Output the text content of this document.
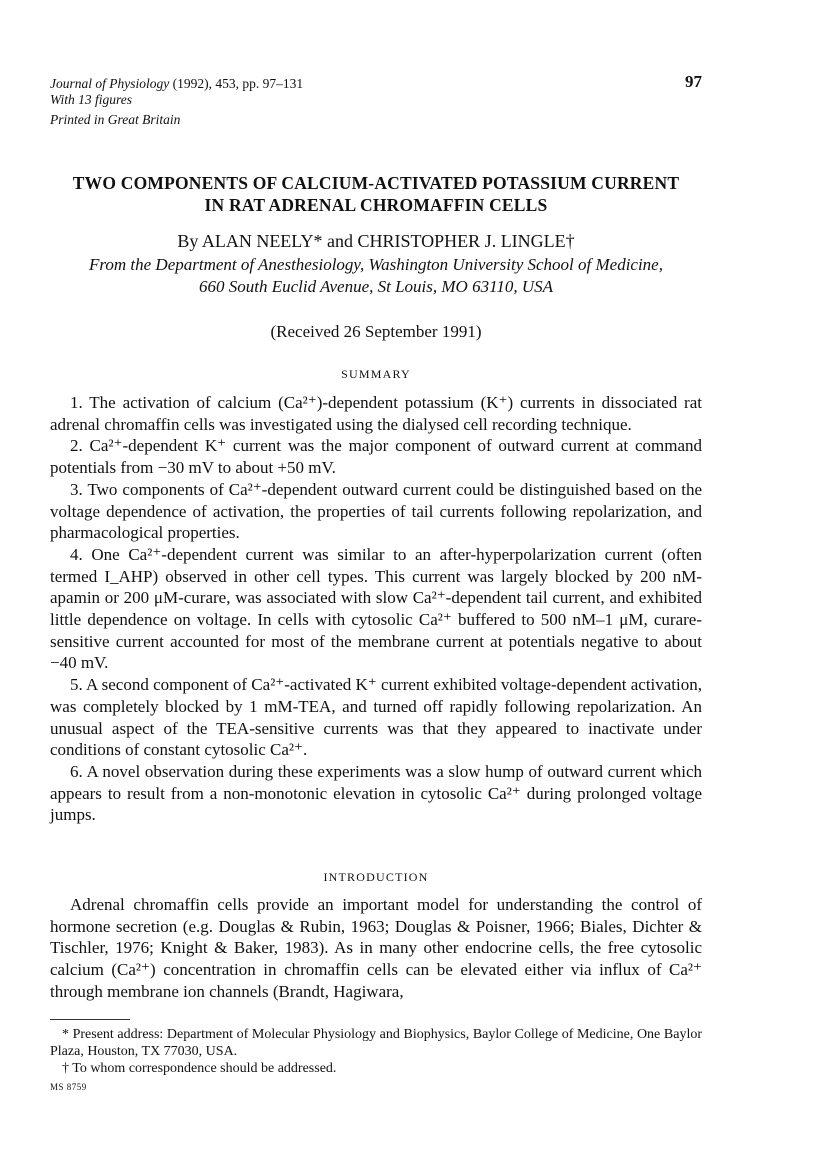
Journal of Physiology (1992), 453, pp. 97–131
With 13 figures
Printed in Great Britain
97
TWO COMPONENTS OF CALCIUM-ACTIVATED POTASSIUM CURRENT
IN RAT ADRENAL CHROMAFFIN CELLS
By ALAN NEELY* and CHRISTOPHER J. LINGLE†
From the Department of Anesthesiology, Washington University School of Medicine,
660 South Euclid Avenue, St Louis, MO 63110, USA
(Received 26 September 1991)
SUMMARY

1. The activation of calcium (Ca²⁺)-dependent potassium (K⁺) currents in dissociated rat adrenal chromaffin cells was investigated using the dialysed cell recording technique.

2. Ca²⁺-dependent K⁺ current was the major component of outward current at command potentials from −30 mV to about +50 mV.

3. Two components of Ca²⁺-dependent outward current could be distinguished based on the voltage dependence of activation, the properties of tail currents following repolarization, and pharmacological properties.

4. One Ca²⁺-dependent current was similar to an after-hyperpolarization current (often termed I_AHP) observed in other cell types. This current was largely blocked by 200 nM-apamin or 200 μM-curare, was associated with slow Ca²⁺-dependent tail current, and exhibited little dependence on voltage. In cells with cytosolic Ca²⁺ buffered to 500 nM–1 μM, curare-sensitive current accounted for most of the membrane current at potentials negative to about −40 mV.

5. A second component of Ca²⁺-activated K⁺ current exhibited voltage-dependent activation, was completely blocked by 1 mM-TEA, and turned off rapidly following repolarization. An unusual aspect of the TEA-sensitive currents was that they appeared to inactivate under conditions of constant cytosolic Ca²⁺.

6. A novel observation during these experiments was a slow hump of outward current which appears to result from a non-monotonic elevation in cytosolic Ca²⁺ during prolonged voltage jumps.

INTRODUCTION

Adrenal chromaffin cells provide an important model for understanding the control of hormone secretion (e.g. Douglas & Rubin, 1963; Douglas & Poisner, 1966; Biales, Dichter & Tischler, 1976; Knight & Baker, 1983). As in many other endocrine cells, the free cytosolic calcium (Ca²⁺) concentration in chromaffin cells can be elevated either via influx of Ca²⁺ through membrane ion channels (Brandt, Hagiwara,

* Present address: Department of Molecular Physiology and Biophysics, Baylor College of Medicine, One Baylor Plaza, Houston, TX 77030, USA.

† To whom correspondence should be addressed.

MS 8759
